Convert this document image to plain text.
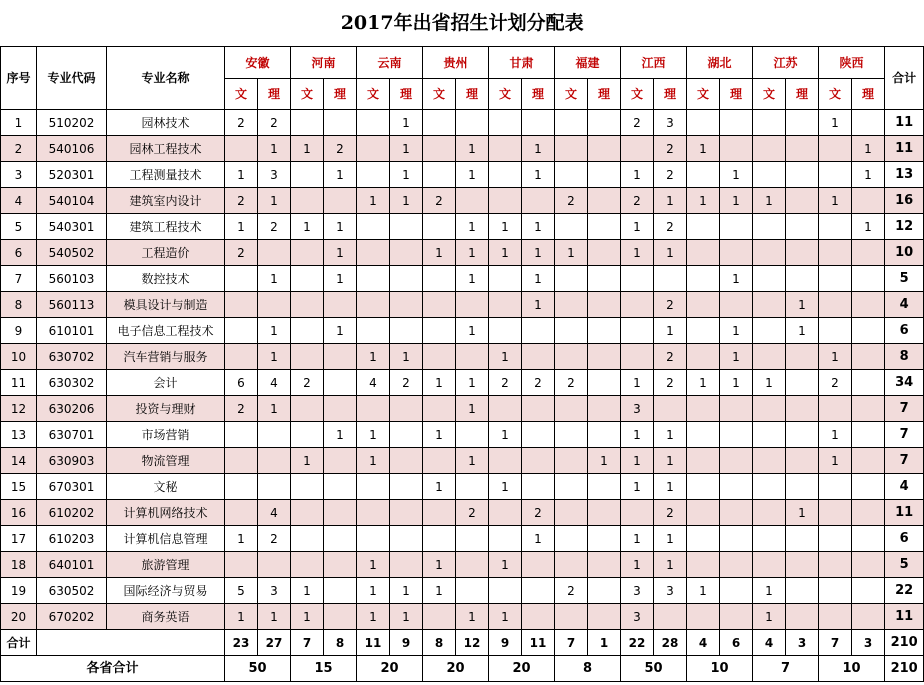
2017年出省招生计划分配表																							
序号	专业代码	专业名称	安徽		河南		云南		贵州		甘肃		福建		江西		湖北		江苏		陕西		合计
			文	理	文	理	文	理	文	理	文	理	文	理	文	理	文	理	文	理	文	理	
1	510202	园林技术	2	2				1							2	3					1		11
2	540106	园林工程技术		1	1	2		1		1		1				2	1					1	11
3	520301	工程测量技术	1	3		1		1		1		1			1	2		1				1	13
4	540104	建筑室内设计	2	1			1	1	2				2		2	1	1	1	1		1		16
5	540301	建筑工程技术	1	2	1	1				1	1	1			1	2						1	12
6	540502	工程造价	2			1			1	1	1	1	1		1	1							10
7	560103	数控技术		1		1				1		1						1					5
8	560113	模具设计与制造										1				2				1			4
9	610101	电子信息工程技术		1		1				1						1		1		1			6
10	630702	汽车营销与服务		1			1	1			1					2		1			1		8
11	630302	会计	6	4	2		4	2	1	1	2	2	2		1	2	1	1	1		2		34
12	630206	投资与理财	2	1						1					3								7
13	630701	市场营销				1	1		1		1				1	1					1		7
14	630903	物流管理			1		1			1				1	1	1					1		7
15	670301	文秘							1		1				1	1							4
16	610202	计算机网络技术		4						2		2				2				1			11
17	610203	计算机信息管理	1	2								1			1	1							6
18	640101	旅游管理					1		1		1				1	1							5
19	630502	国际经济与贸易	5	3	1		1	1	1				2		3	3	1		1				22
20	670202	商务英语	1	1	1		1	1		1	1				3				1				11
合计			23	27	7	8	11	9	8	12	9	11	7	1	22	28	4	6	4	3	7	3	210
各省合计			50		15		20		20		20		8		50		10		7		10		210
